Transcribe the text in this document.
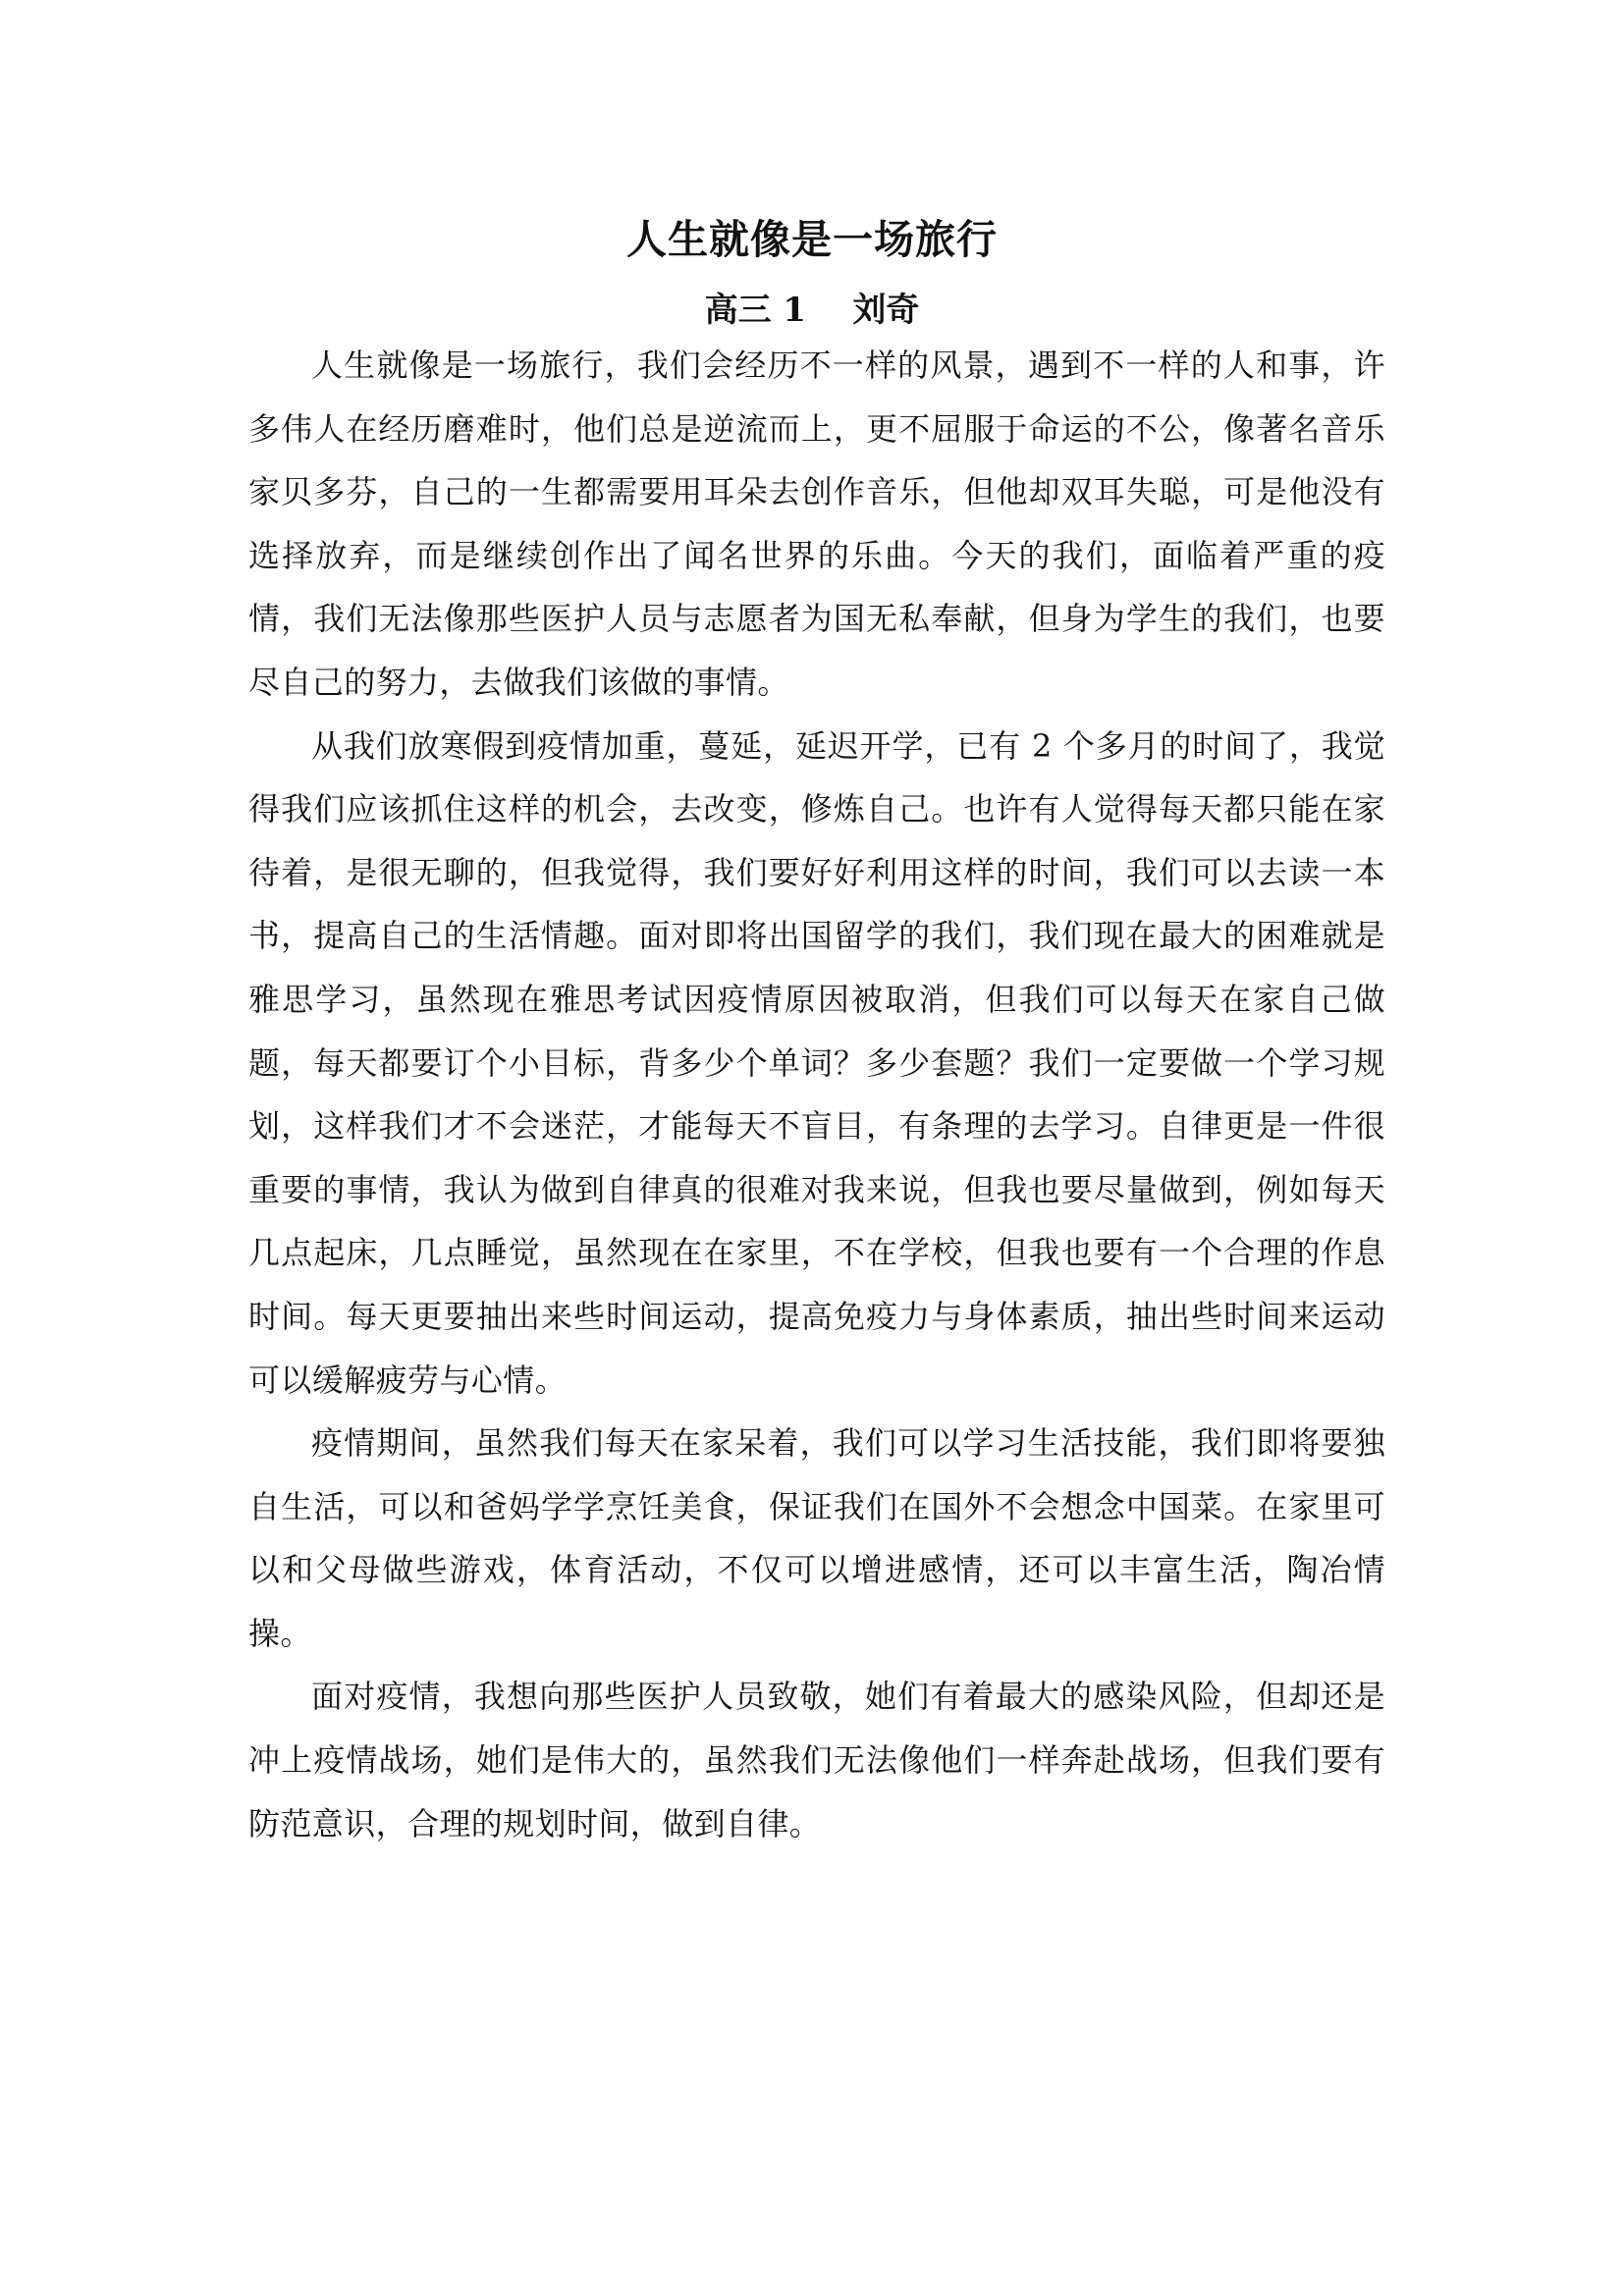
人生就像是一场旅行
高三 1    刘奇

人生就像是一场旅行，我们会经历不一样的风景，遇到不一样的人和事，许多伟人在经历磨难时，他们总是逆流而上，更不屈服于命运的不公，像著名音乐家贝多芬，自己的一生都需要用耳朵去创作音乐，但他却双耳失聪，可是他没有选择放弃，而是继续创作出了闻名世界的乐曲。今天的我们，面临着严重的疫情，我们无法像那些医护人员与志愿者为国无私奉献，但身为学生的我们，也要尽自己的努力，去做我们该做的事情。

从我们放寒假到疫情加重，蔓延，延迟开学，已有 2 个多月的时间了，我觉得我们应该抓住这样的机会，去改变，修炼自己。也许有人觉得每天都只能在家待着，是很无聊的，但我觉得，我们要好好利用这样的时间，我们可以去读一本书，提高自己的生活情趣。面对即将出国留学的我们，我们现在最大的困难就是雅思学习，虽然现在雅思考试因疫情原因被取消，但我们可以每天在家自己做题，每天都要订个小目标，背多少个单词？多少套题？我们一定要做一个学习规划，这样我们才不会迷茫，才能每天不盲目，有条理的去学习。自律更是一件很重要的事情，我认为做到自律真的很难对我来说，但我也要尽量做到，例如每天几点起床，几点睡觉，虽然现在在家里，不在学校，但我也要有一个合理的作息时间。每天更要抽出来些时间运动，提高免疫力与身体素质，抽出些时间来运动可以缓解疲劳与心情。

疫情期间，虽然我们每天在家呆着，我们可以学习生活技能，我们即将要独自生活，可以和爸妈学学烹饪美食，保证我们在国外不会想念中国菜。在家里可以和父母做些游戏，体育活动，不仅可以增进感情，还可以丰富生活，陶冶情操。

面对疫情，我想向那些医护人员致敬，她们有着最大的感染风险，但却还是冲上疫情战场，她们是伟大的，虽然我们无法像他们一样奔赴战场，但我们要有防范意识，合理的规划时间，做到自律。
